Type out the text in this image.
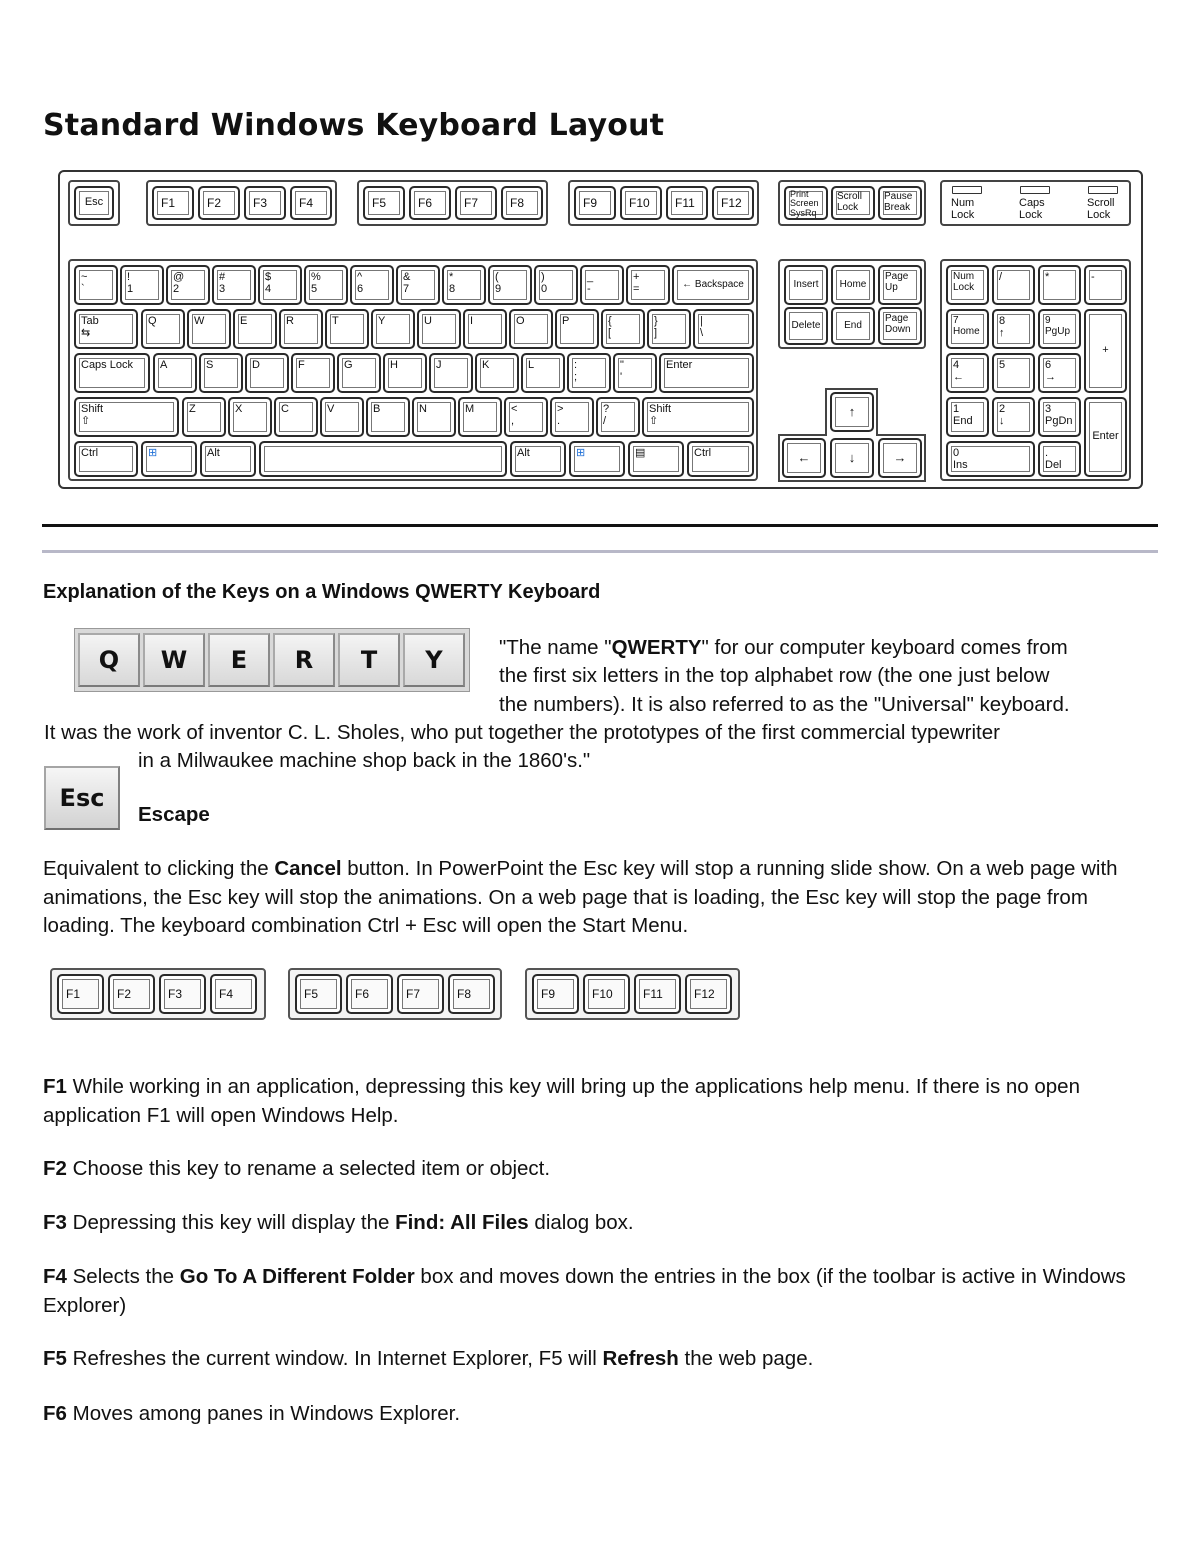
Standard Windows Keyboard Layout
Esc	F1	F2	F3	F4	F5	F6	F7	F8	F9	F10	F11	F12
Print
Screen
SysRq
Scroll
Lock
Pause
Break	Num
Lock
Caps
Lock
Scroll
Lock
~
`
!
1
@
2
#
3
$
4
%
5
^
6
&
7
*
8
(
9
)
0
_
-
+
=	← Backspace
Tab
⇆
Q	W	E	R	T	Y	U	I	O	P	{
[
}
]
|
\
Caps Lock	A	S	D	F	G	H	J	K	L	:
;
"
'
Enter
Shift
⇧
Z	X	C	V	B	N	M	<
,
>
.
?
/
Shift
⇧
Ctrl	⊞	Alt	Alt	⊞	▤	Ctrl
Insert	Home
Page
Up
Delete	End
Page
Down
↑
←	↓	→
Num
Lock
/	*	-
7
Home
8
↑
9
PgUp
+
4
←
5	6
→
1
End
2
↓
3
PgDn
Enter
0
Ins
.
Del
Explanation of the Keys on a Windows QWERTY Keyboard
Q	W	E	R	T	Y	"The name "QWERTY" for our computer keyboard comes from

the first six letters in the top alphabet row (the one just below

the numbers). It is also referred to as the "Universal" keyboard.

It was the work of inventor C. L. Sholes, who put together the prototypes of the first commercial typewriter

in a Milwaukee machine shop back in the 1860's."

Esc

Escape

Equivalent to clicking the Cancel button. In PowerPoint the Esc key will stop a running slide show. On a web page with animations, the Esc key will stop the animations. On a web page that is loading, the Esc key will stop the page from loading. The keyboard combination Ctrl + Esc will open the Start Menu.

F1	F2	F3	F4	F5	F6	F7	F8	F9	F10	F11	F12

F1 While working in an application, depressing this key will bring up the applications help menu. If there is no open application F1 will open Windows Help.

F2 Choose this key to rename a selected item or object.

F3 Depressing this key will display the Find: All Files dialog box.

F4 Selects the Go To A Different Folder box and moves down the entries in the box (if the toolbar is active in Windows Explorer)

F5 Refreshes the current window. In Internet Explorer, F5 will Refresh the web page.

F6 Moves among panes in Windows Explorer.
